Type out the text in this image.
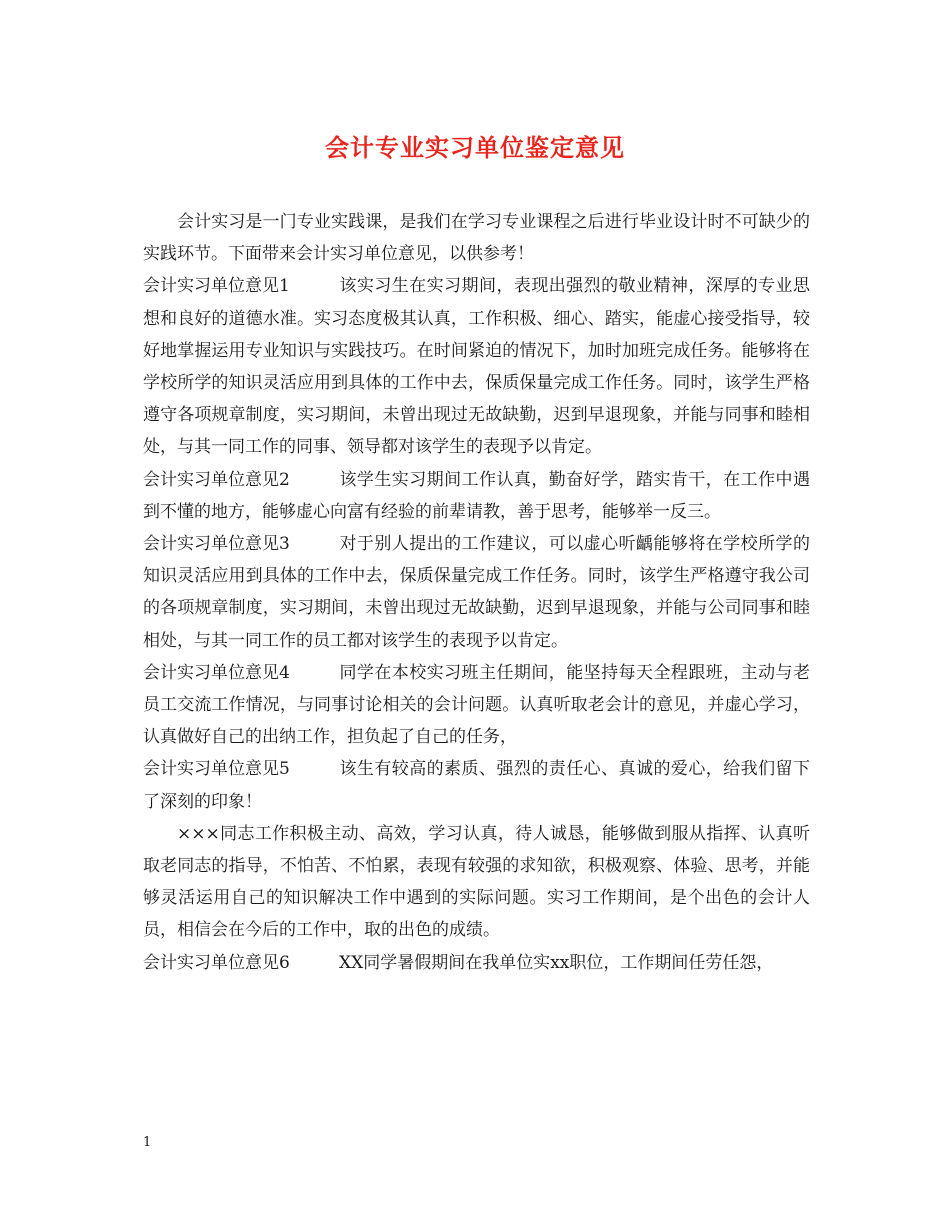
会计专业实习单位鉴定意见

会计实习是一门专业实践课，是我们在学习专业课程之后进行毕业设计时不可缺少的实践环节。下面带来会计实习单位意见，以供参考！

会计实习单位意见1	该实习生在实习期间，表现出强烈的敬业精神，深厚的专业思想和良好的道德水准。实习态度极其认真，工作积极、细心、踏实，能虚心接受指导，较好地掌握运用专业知识与实践技巧。在时间紧迫的情况下，加时加班完成任务。能够将在学校所学的知识灵活应用到具体的工作中去，保质保量完成工作任务。同时，该学生严格遵守各项规章制度，实习期间，未曾出现过无故缺勤，迟到早退现象，并能与同事和睦相处，与其一同工作的同事、领导都对该学生的表现予以肯定。

会计实习单位意见2	该学生实习期间工作认真，勤奋好学，踏实肯干，在工作中遇到不懂的地方，能够虚心向富有经验的前辈请教，善于思考，能够举一反三。

会计实习单位意见3	对于别人提出的工作建议，可以虚心听齲能够将在学校所学的知识灵活应用到具体的工作中去，保质保量完成工作任务。同时，该学生严格遵守我公司的各项规章制度，实习期间，未曾出现过无故缺勤，迟到早退现象，并能与公司同事和睦相处，与其一同工作的员工都对该学生的表现予以肯定。

会计实习单位意见4	同学在本校实习班主任期间，能坚持每天全程跟班，主动与老员工交流工作情况，与同事讨论相关的会计问题。认真听取老会计的意见，并虚心学习，认真做好自己的出纳工作，担负起了自己的任务，

会计实习单位意见5	该生有较高的素质、强烈的责任心、真诚的爱心，给我们留下了深刻的印象！

×××同志工作积极主动、高效，学习认真，待人诚恳，能够做到服从指挥、认真听取老同志的指导，不怕苦、不怕累，表现有较强的求知欲，积极观察、体验、思考，并能够灵活运用自己的知识解决工作中遇到的实际问题。实习工作期间，是个出色的会计人员，相信会在今后的工作中，取的出色的成绩。

会计实习单位意见6	XX同学暑假期间在我单位实xx职位，工作期间任劳任怨，

1
